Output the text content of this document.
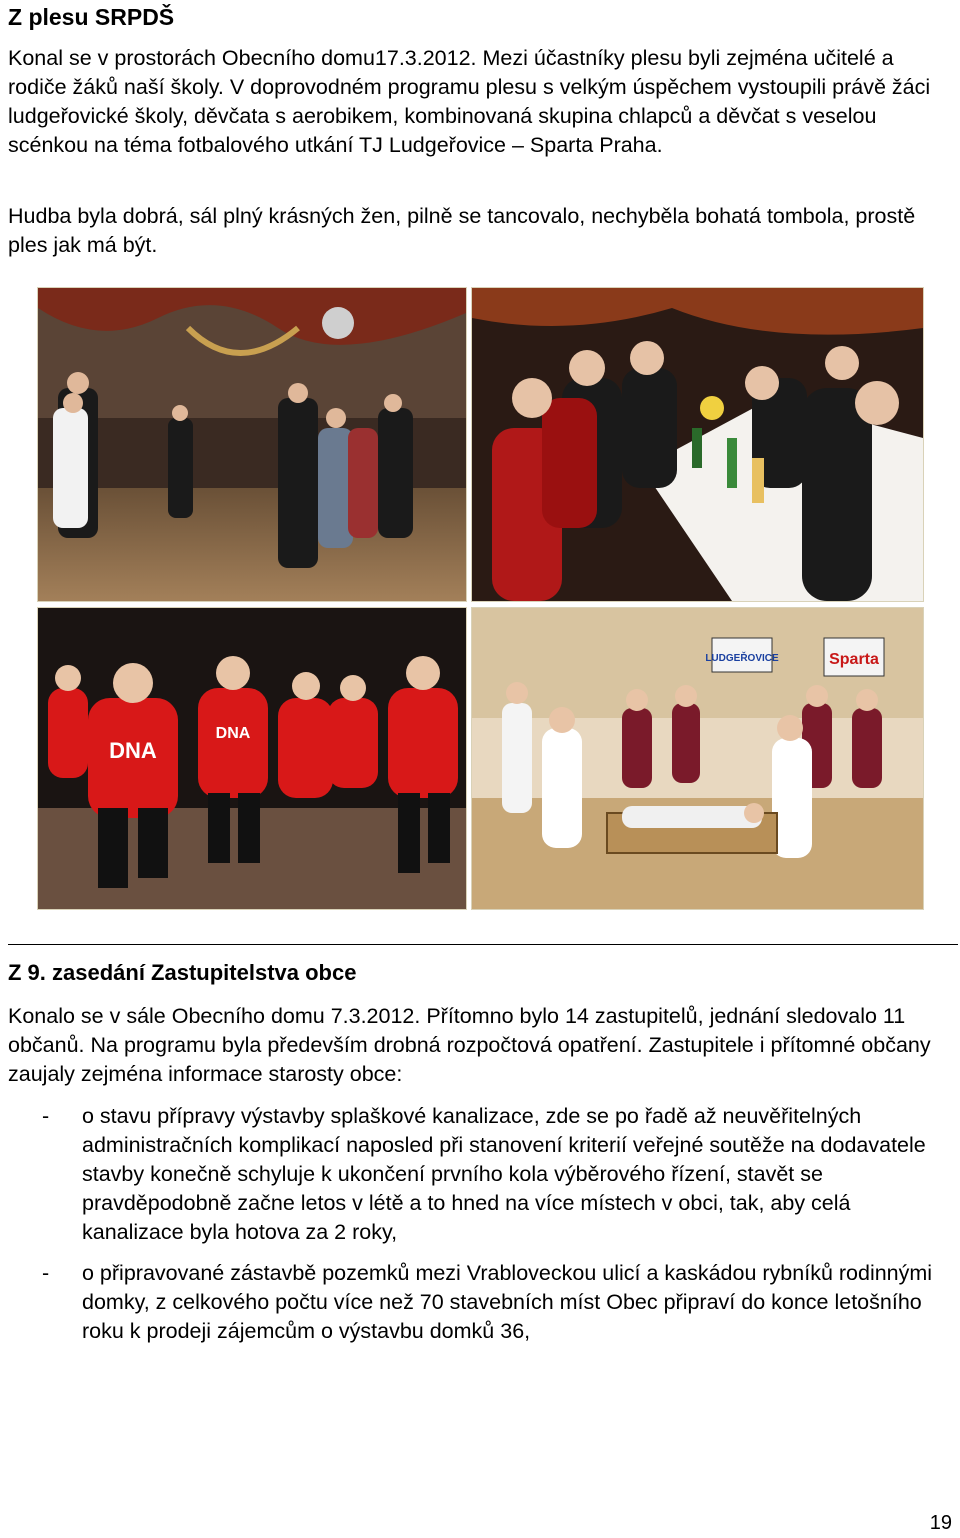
Z plesu SRPDŠ

Konal se v prostorách Obecního domu17.3.2012. Mezi účastníky plesu byli zejména učitelé a rodiče žáků naší školy. V doprovodném programu plesu s velkým úspěchem vystoupili právě žáci ludgeřovické školy, děvčata s aerobikem, kombinovaná skupina chlapců a děvčat s veselou scénkou na téma fotbalového utkání TJ Ludgeřovice – Sparta Praha.

Hudba byla dobrá, sál plný krásných žen, pilně se tancovalo, nechyběla bohatá tombola, prostě ples jak má být.

DNA
DNA
LUDGEŘOVICE	Sparta
Z 9. zasedání Zastupitelstva obce

Konalo se v sále Obecního domu 7.3.2012. Přítomno bylo 14 zastupitelů, jednání sledovalo 11 občanů. Na programu byla především drobná rozpočtová opatření. Zastupitele i přítomné občany zaujaly zejména informace starosty obce:

- o stavu přípravy výstavby splaškové kanalizace, zde se po řadě až neuvěřitelných administračních komplikací naposled při stanovení kriterií veřejné soutěže na dodavatele stavby konečně schyluje k ukončení prvního kola výběrového řízení, stavět se pravděpodobně začne letos v létě a to hned na více místech v obci, tak, aby celá kanalizace byla hotova za 2 roky,
- o připravované zástavbě pozemků mezi Vrabloveckou ulicí a kaskádou rybníků rodinnými domky, z celkového počtu více než 70 stavebních míst Obec připraví do konce letošního roku k prodeji zájemcům o výstavbu domků 36,
19
